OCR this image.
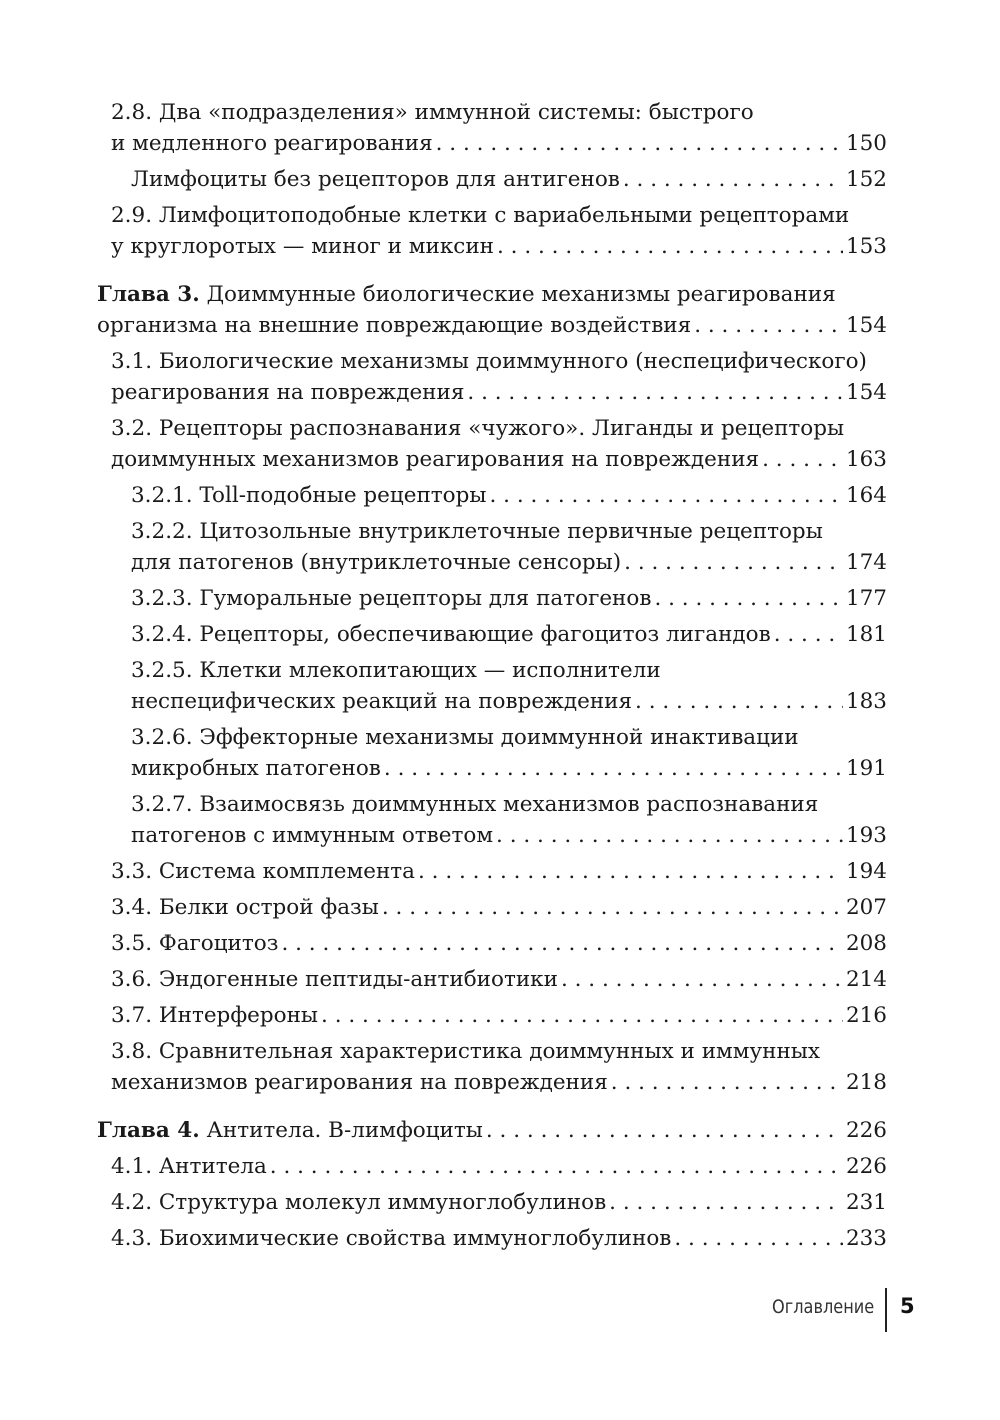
2.8. Два «подразделения» иммунной системы: быстрого
и медленного реагирования . . .	150
Лимфоциты без рецепторов для антигенов . . .	152
2.9. Лимфоцитоподобные клетки с вариабельными рецепторами
у круглоротых — миног и миксин . . .	153
Глава 3. Доиммунные биологические механизмы реагирования
организма на внешние повреждающие воздействия . . .	154
3.1. Биологические механизмы доиммунного (неспецифического)
реагирования на повреждения . . .	154
3.2. Рецепторы распознавания «чужого». Лиганды и рецепторы
доиммунных механизмов реагирования на повреждения . . .	163
3.2.1. Toll-подобные рецепторы . . .	164
3.2.2. Цитозольные внутриклеточные первичные рецепторы
для патогенов (внутриклеточные сенсоры) . . .	174
3.2.3. Гуморальные рецепторы для патогенов . . .	177
3.2.4. Рецепторы, обеспечивающие фагоцитоз лигандов . . .	181
3.2.5. Клетки млекопитающих — исполнители
неспецифических реакций на повреждения . . .	183
3.2.6. Эффекторные механизмы доиммунной инактивации
микробных патогенов . . .	191
3.2.7. Взаимосвязь доиммунных механизмов распознавания
патогенов с иммунным ответом . . .	193
3.3. Система комплемента . . .	194
3.4. Белки острой фазы . . .	207
3.5. Фагоцитоз . . .	208
3.6. Эндогенные пептиды-антибиотики . . .	214
3.7. Интерфероны . . .	216
3.8. Сравнительная характеристика доиммунных и иммунных
механизмов реагирования на повреждения . . .	218
Глава 4. Антитела. В-лимфоциты . . .	226
4.1. Антитела . . .	226
4.2. Структура молекул иммуноглобулинов . . .	231
4.3. Биохимические свойства иммуноглобулинов . . .	233
Оглавление 5
